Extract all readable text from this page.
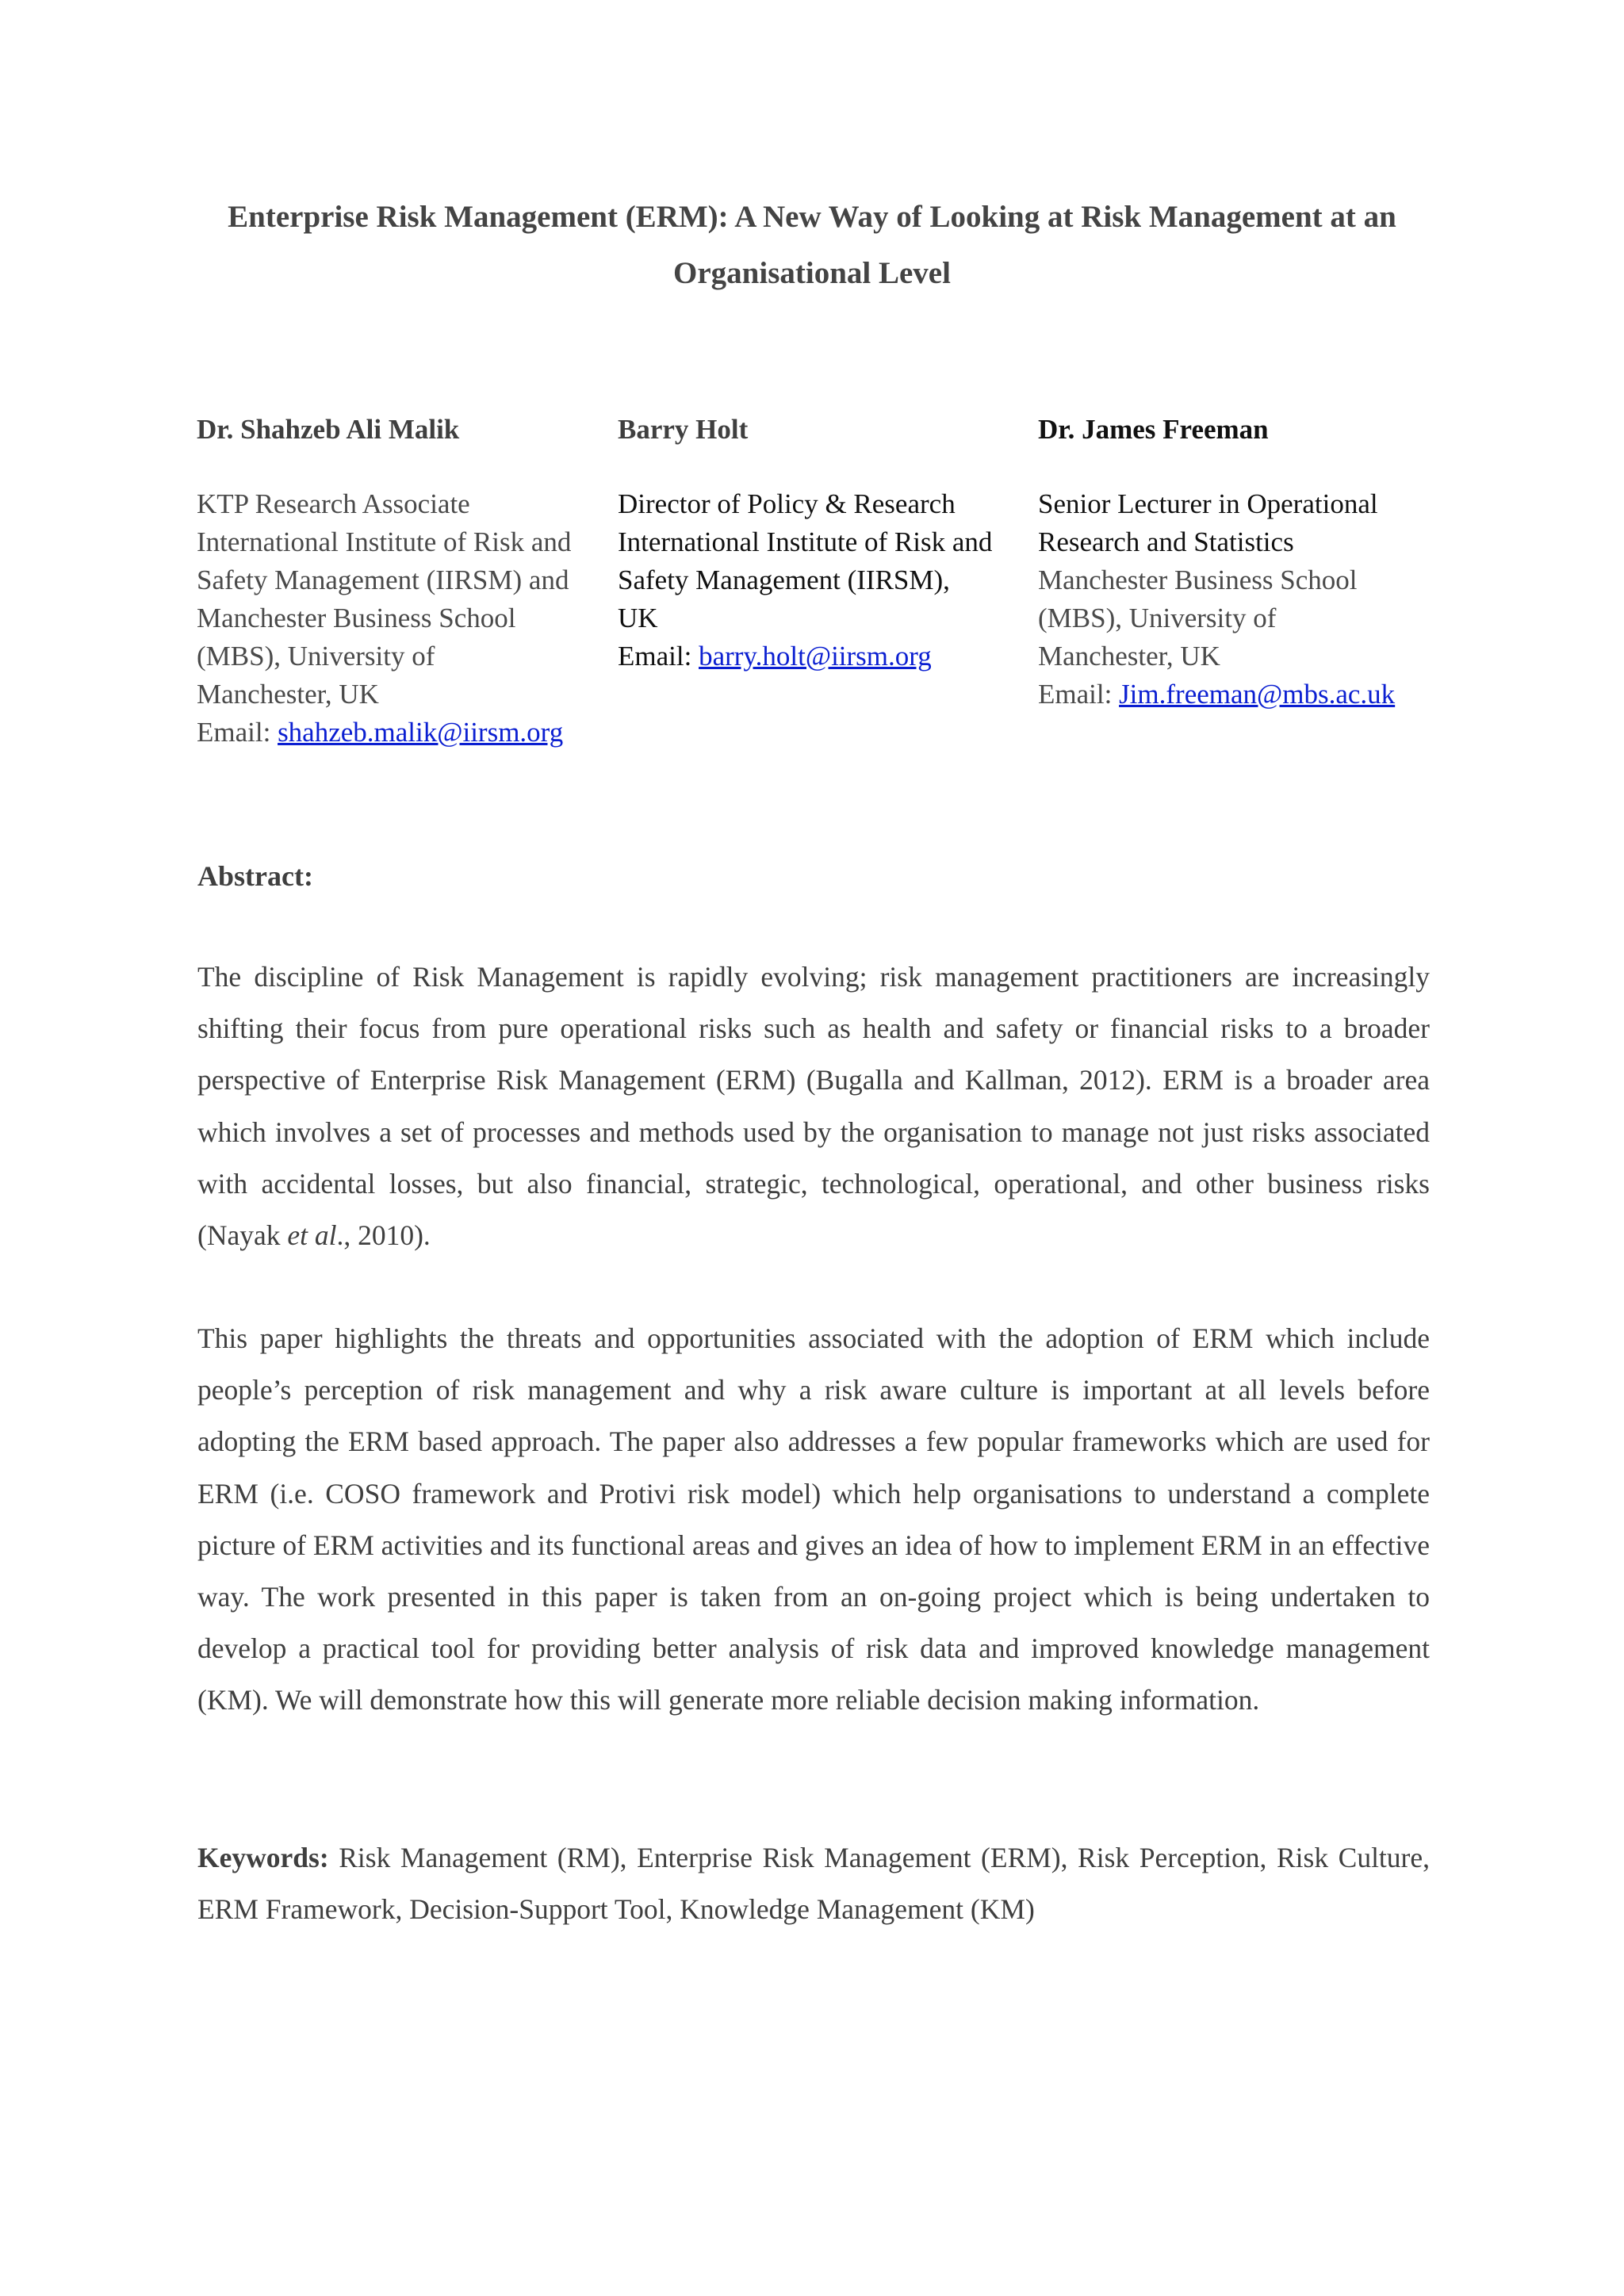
Enterprise Risk Management (ERM): A New Way of Looking at Risk Management at an Organisational Level

Dr. Shahzeb Ali Malik

KTP Research Associate

International Institute of Risk and

Safety Management (IIRSM) and

Manchester Business School

(MBS), University of

Manchester, UK

Email: shahzeb.malik@iirsm.org

Barry Holt

Director of Policy & Research

International Institute of Risk and

Safety Management (IIRSM),

UK

Email: barry.holt@iirsm.org

Dr. James Freeman

Senior Lecturer in Operational

Research and Statistics

Manchester Business School

(MBS), University of

Manchester, UK

Email: Jim.freeman@mbs.ac.uk

Abstract:

The discipline of Risk Management is rapidly evolving; risk management practitioners are increasingly shifting their focus from pure operational risks such as health and safety or financial risks to a broader perspective of Enterprise Risk Management (ERM) (Bugalla and Kallman, 2012). ERM is a broader area which involves a set of processes and methods used by the organisation to manage not just risks associated with accidental losses, but also financial, strategic, technological, operational, and other business risks (Nayak et al., 2010).

This paper highlights the threats and opportunities associated with the adoption of ERM which include people’s perception of risk management and why a risk aware culture is important at all levels before adopting the ERM based approach. The paper also addresses a few popular frameworks which are used for ERM (i.e. COSO framework and Protivi risk model) which help organisations to understand a complete picture of ERM activities and its functional areas and gives an idea of how to implement ERM in an effective way. The work presented in this paper is taken from an on-going project which is being undertaken to develop a practical tool for providing better analysis of risk data and improved knowledge management (KM). We will demonstrate how this will generate more reliable decision making information.

Keywords: Risk Management (RM), Enterprise Risk Management (ERM), Risk Perception, Risk Culture, ERM Framework, Decision-Support Tool, Knowledge Management (KM)
